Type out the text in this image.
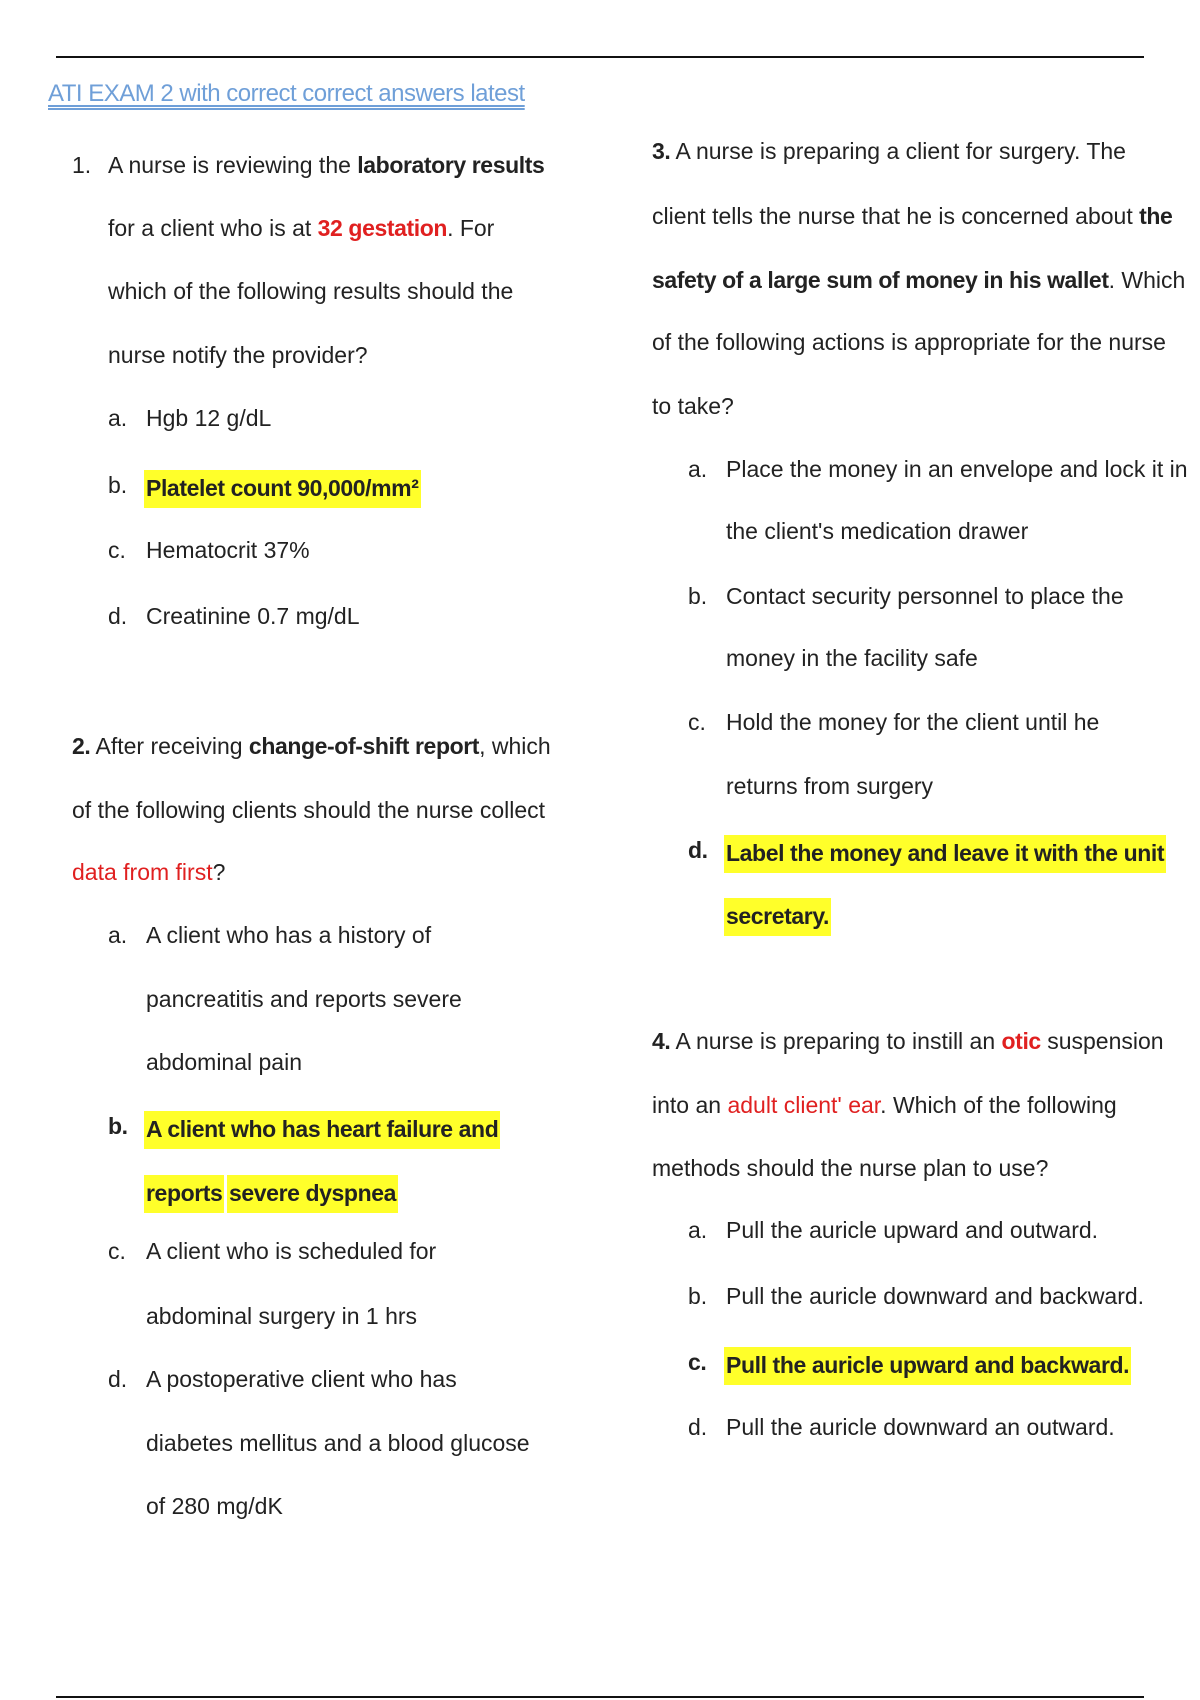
ATI EXAM 2 with correct correct answers latest
1. A nurse is reviewing the laboratory results
for a client who is at 32 gestation. For
which of the following results should the
nurse notify the provider?
a. Hgb 12 g/dL
b. Platelet count 90,000/mm²
c. Hematocrit 37%
d. Creatinine 0.7 mg/dL
2. After receiving change-of-shift report, which
of the following clients should the nurse collect
data from first?
a. A client who has a history of
pancreatitis and reports severe
abdominal pain
b. A client who has heart failure and
reports severe dyspnea
c. A client who is scheduled for
abdominal surgery in 1 hrs
d. A postoperative client who has
diabetes mellitus and a blood glucose
of 280 mg/dK
3. A nurse is preparing a client for surgery. The
client tells the nurse that he is concerned about the
safety of a large sum of money in his wallet. Which
of the following actions is appropriate for the nurse
to take?
a. Place the money in an envelope and lock it in
the client's medication drawer
b. Contact security personnel to place the
money in the facility safe
c. Hold the money for the client until he
returns from surgery
d. Label the money and leave it with the unit
secretary.
4. A nurse is preparing to instill an otic suspension
into an adult client' ear. Which of the following
methods should the nurse plan to use?
a. Pull the auricle upward and outward.
b. Pull the auricle downward and backward.
c. Pull the auricle upward and backward.
d. Pull the auricle downward an outward.
